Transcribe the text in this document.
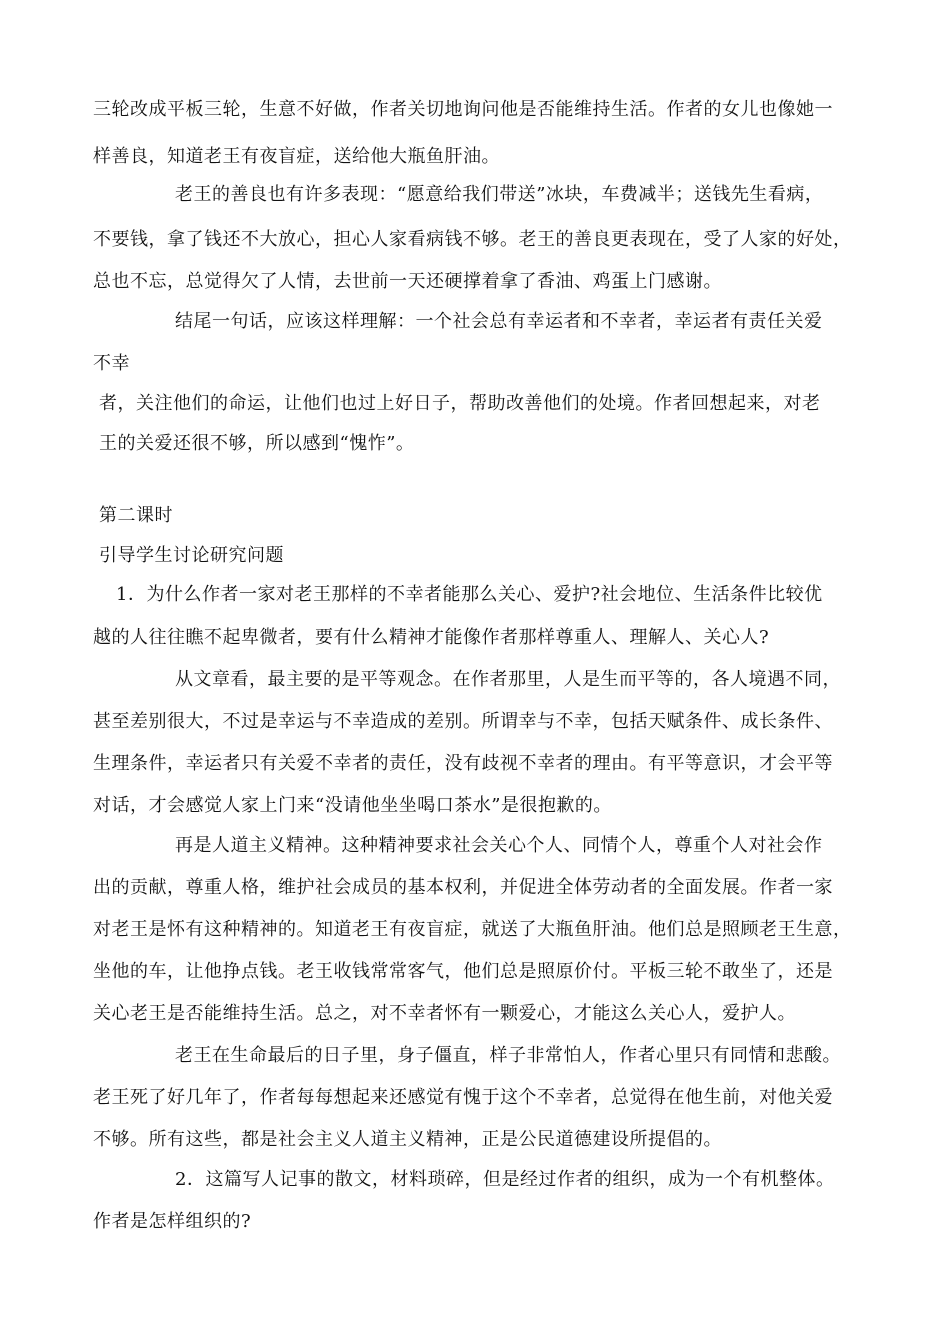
三轮改成平板三轮，生意不好做，作者关切地询问他是否能维持生活。作者的女儿也像她一

样善良，知道老王有夜盲症，送给他大瓶鱼肝油。

老王的善良也有许多表现：“愿意给我们带送”冰块，车费减半；送钱先生看病，

不要钱，拿了钱还不大放心，担心人家看病钱不够。老王的善良更表现在，受了人家的好处，

总也不忘，总觉得欠了人情，去世前一天还硬撑着拿了香油、鸡蛋上门感谢。

结尾一句话，应该这样理解：一个社会总有幸运者和不幸者，幸运者有责任关爱

不幸

者，关注他们的命运，让他们也过上好日子，帮助改善他们的处境。作者回想起来，对老

王的关爱还很不够，所以感到“愧怍”。

第二课时

引导学生讨论研究问题

1．为什么作者一家对老王那样的不幸者能那么关心、爱护?社会地位、生活条件比较优

越的人往往瞧不起卑微者，要有什么精神才能像作者那样尊重人、理解人、关心人?

从文章看，最主要的是平等观念。在作者那里，人是生而平等的，各人境遇不同，

甚至差别很大，不过是幸运与不幸造成的差别。所谓幸与不幸，包括天赋条件、成长条件、

生理条件，幸运者只有关爱不幸者的责任，没有歧视不幸者的理由。有平等意识，才会平等

对话，才会感觉人家上门来“没请他坐坐喝口茶水”是很抱歉的。

再是人道主义精神。这种精神要求社会关心个人、同情个人，尊重个人对社会作

出的贡献，尊重人格，维护社会成员的基本权利，并促进全体劳动者的全面发展。作者一家

对老王是怀有这种精神的。知道老王有夜盲症，就送了大瓶鱼肝油。他们总是照顾老王生意，

坐他的车，让他挣点钱。老王收钱常常客气，他们总是照原价付。平板三轮不敢坐了，还是

关心老王是否能维持生活。总之，对不幸者怀有一颗爱心，才能这么关心人，爱护人。

老王在生命最后的日子里，身子僵直，样子非常怕人，作者心里只有同情和悲酸。

老王死了好几年了，作者每每想起来还感觉有愧于这个不幸者，总觉得在他生前，对他关爱

不够。所有这些，都是社会主义人道主义精神，正是公民道德建设所提倡的。

2．这篇写人记事的散文，材料琐碎，但是经过作者的组织，成为一个有机整体。

作者是怎样组织的?
